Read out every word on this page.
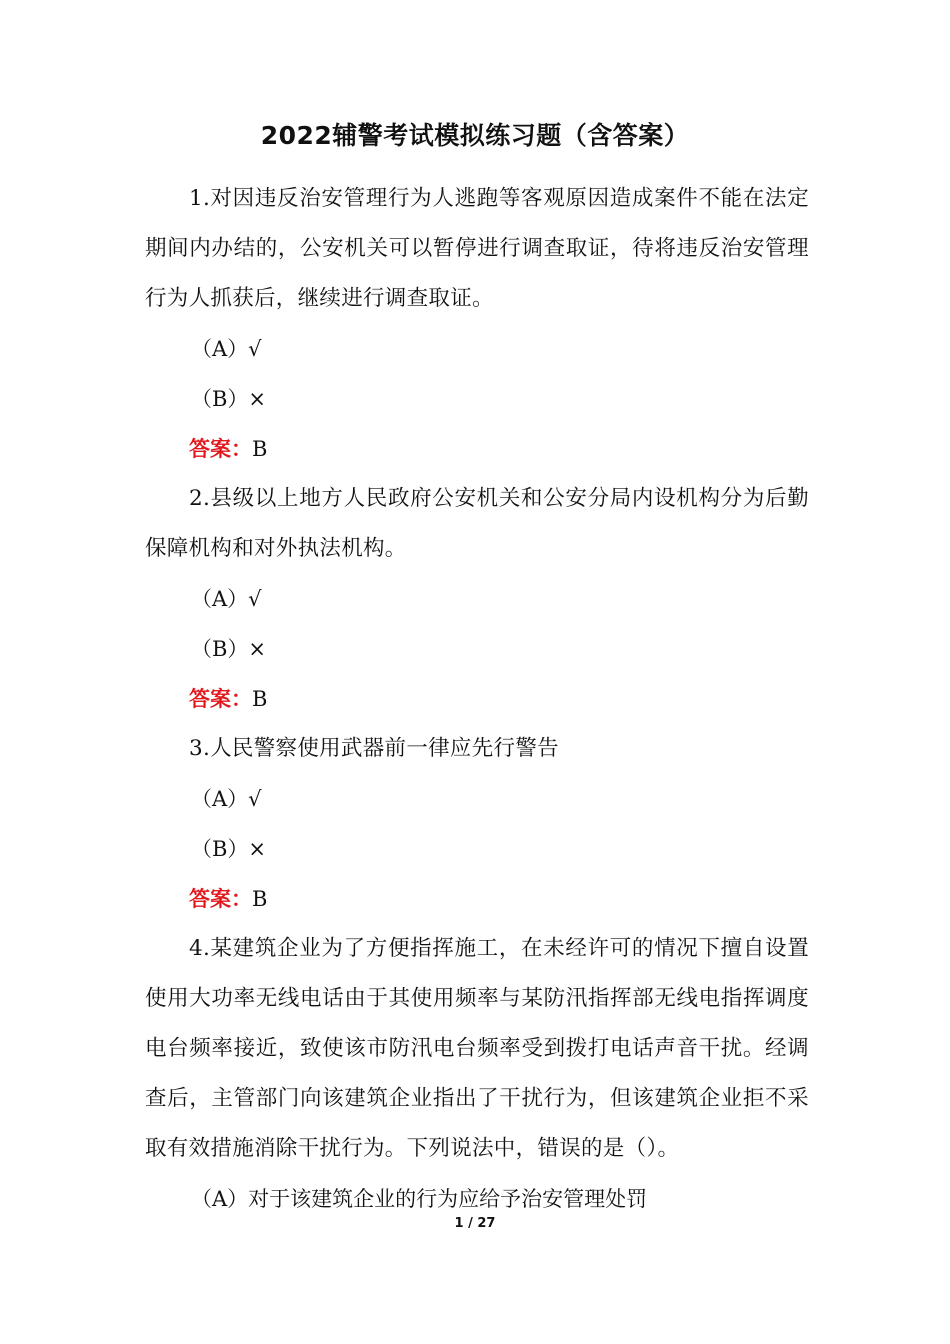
2022辅警考试模拟练习题（含答案）

1.对因违反治安管理行为人逃跑等客观原因造成案件不能在法定期间内办结的，公安机关可以暂停进行调查取证，待将违反治安管理行为人抓获后，继续进行调查取证。

（A）√

（B）×

答案：B

2.县级以上地方人民政府公安机关和公安分局内设机构分为后勤保障机构和对外执法机构。

（A）√

（B）×

答案：B

3.人民警察使用武器前一律应先行警告

（A）√

（B）×

答案：B

4.某建筑企业为了方便指挥施工，在未经许可的情况下擅自设置使用大功率无线电话由于其使用频率与某防汛指挥部无线电指挥调度电台频率接近，致使该市防汛电台频率受到拨打电话声音干扰。经调查后，主管部门向该建筑企业指出了干扰行为，但该建筑企业拒不采取有效措施消除干扰行为。下列说法中，错误的是（）。

（A）对于该建筑企业的行为应给予治安管理处罚

1 / 27
